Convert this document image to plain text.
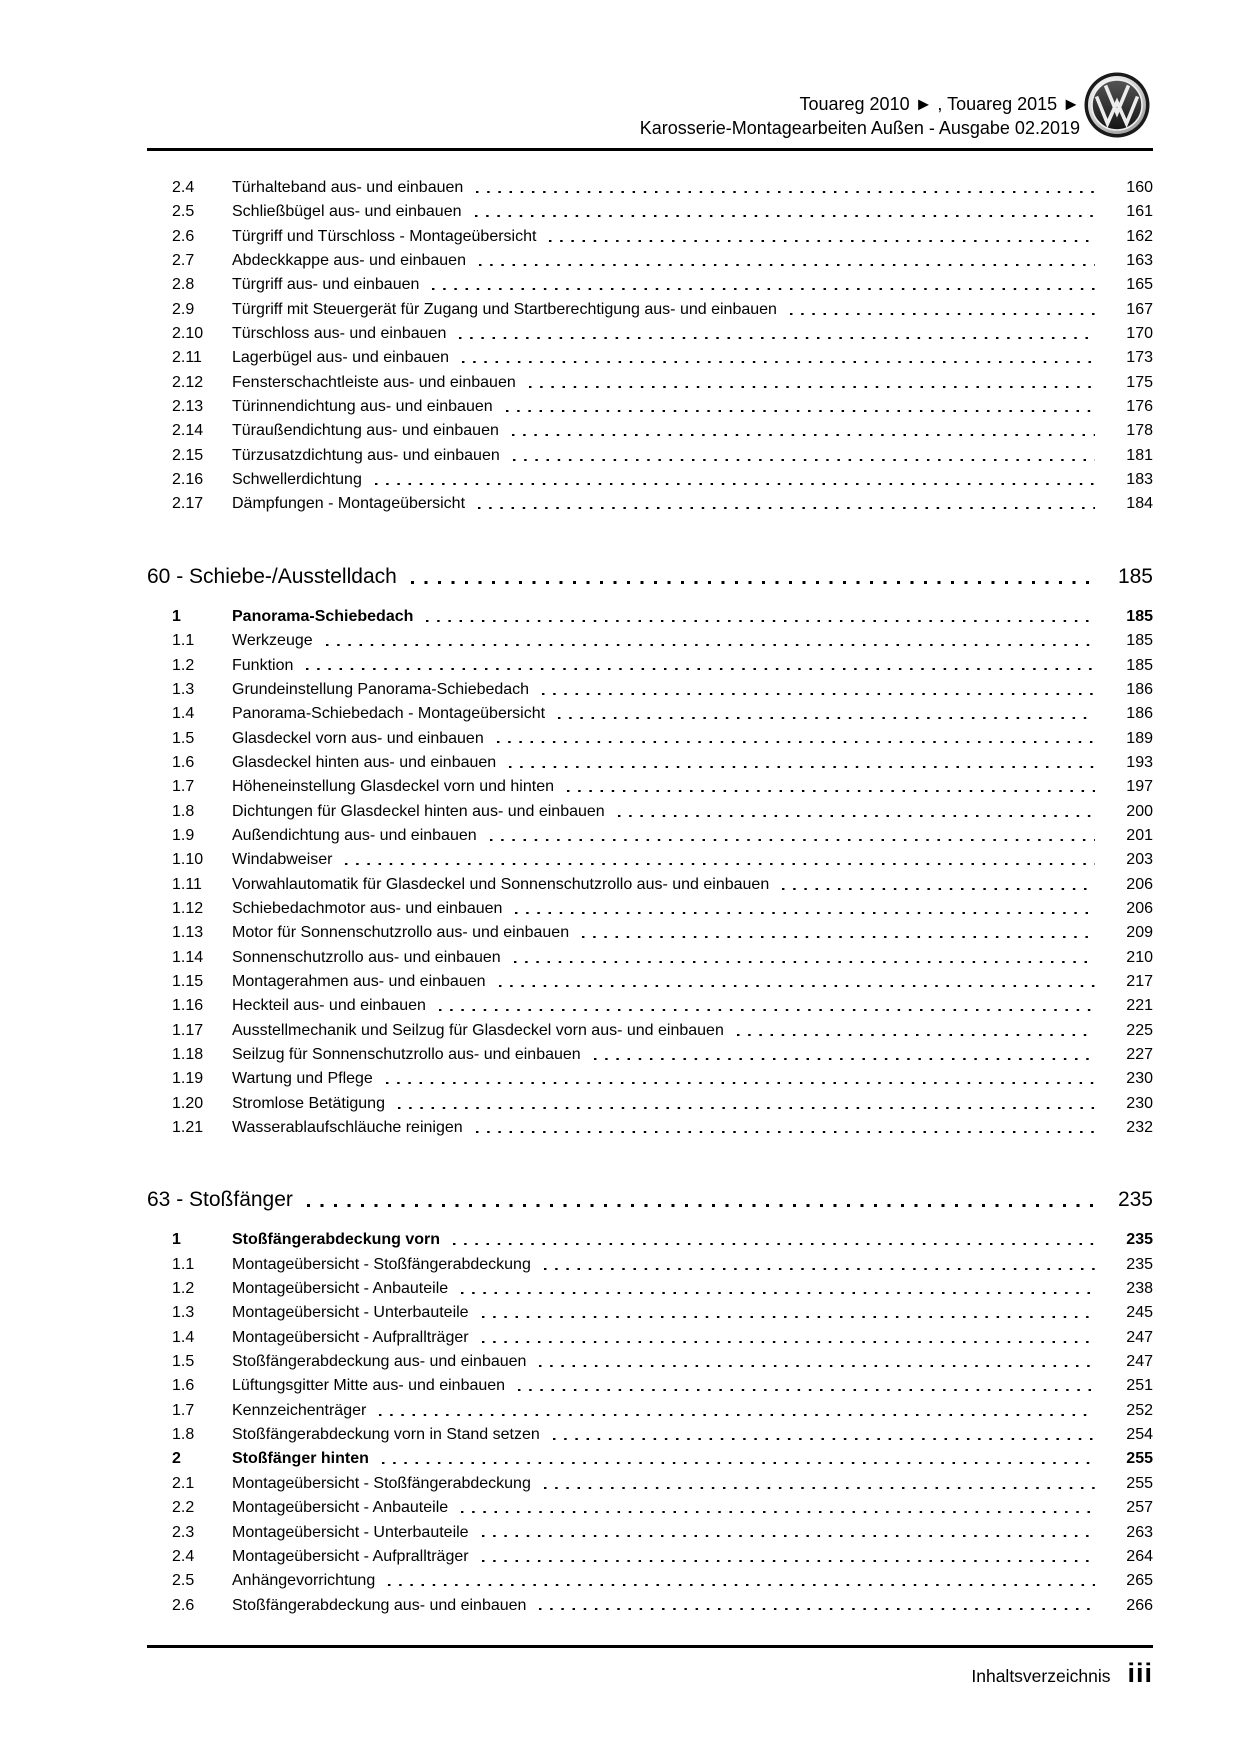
Touareg 2010 ► , Touareg 2015 ►
Karosserie-Montagearbeiten Außen - Ausgabe 02.2019
2.4	Türhalteband aus- und einbauen	160
2.5	Schließbügel aus- und einbauen	161
2.6	Türgriff und Türschloss - Montageübersicht	162
2.7	Abdeckkappe aus- und einbauen	163
2.8	Türgriff aus- und einbauen	165
2.9	Türgriff mit Steuergerät für Zugang und Startberechtigung aus- und einbauen	167
2.10	Türschloss aus- und einbauen	170
2.11	Lagerbügel aus- und einbauen	173
2.12	Fensterschachtleiste aus- und einbauen	175
2.13	Türinnendichtung aus- und einbauen	176
2.14	Türaußendichtung aus- und einbauen	178
2.15	Türzusatzdichtung aus- und einbauen	181
2.16	Schwellerdichtung	183
2.17	Dämpfungen - Montageübersicht	184
60 - Schiebe-/Ausstelldach	185
1	Panorama-Schiebedach	185
1.1	Werkzeuge	185
1.2	Funktion	185
1.3	Grundeinstellung Panorama-Schiebedach	186
1.4	Panorama-Schiebedach - Montageübersicht	186
1.5	Glasdeckel vorn aus- und einbauen	189
1.6	Glasdeckel hinten aus- und einbauen	193
1.7	Höheneinstellung Glasdeckel vorn und hinten	197
1.8	Dichtungen für Glasdeckel hinten aus- und einbauen	200
1.9	Außendichtung aus- und einbauen	201
1.10	Windabweiser	203
1.11	Vorwahlautomatik für Glasdeckel und Sonnenschutzrollo aus- und einbauen	206
1.12	Schiebedachmotor aus- und einbauen	206
1.13	Motor für Sonnenschutzrollo aus- und einbauen	209
1.14	Sonnenschutzrollo aus- und einbauen	210
1.15	Montagerahmen aus- und einbauen	217
1.16	Heckteil aus- und einbauen	221
1.17	Ausstellmechanik und Seilzug für Glasdeckel vorn aus- und einbauen	225
1.18	Seilzug für Sonnenschutzrollo aus- und einbauen	227
1.19	Wartung und Pflege	230
1.20	Stromlose Betätigung	230
1.21	Wasserablaufschläuche reinigen	232
63 - Stoßfänger	235
1	Stoßfängerabdeckung vorn	235
1.1	Montageübersicht - Stoßfängerabdeckung	235
1.2	Montageübersicht - Anbauteile	238
1.3	Montageübersicht - Unterbauteile	245
1.4	Montageübersicht - Aufprallträger	247
1.5	Stoßfängerabdeckung aus- und einbauen	247
1.6	Lüftungsgitter Mitte aus- und einbauen	251
1.7	Kennzeichenträger	252
1.8	Stoßfängerabdeckung vorn in Stand setzen	254
2	Stoßfänger hinten	255
2.1	Montageübersicht - Stoßfängerabdeckung	255
2.2	Montageübersicht - Anbauteile	257
2.3	Montageübersicht - Unterbauteile	263
2.4	Montageübersicht - Aufprallträger	264
2.5	Anhängevorrichtung	265
2.6	Stoßfängerabdeckung aus- und einbauen	266
Inhaltsverzeichnis iii
